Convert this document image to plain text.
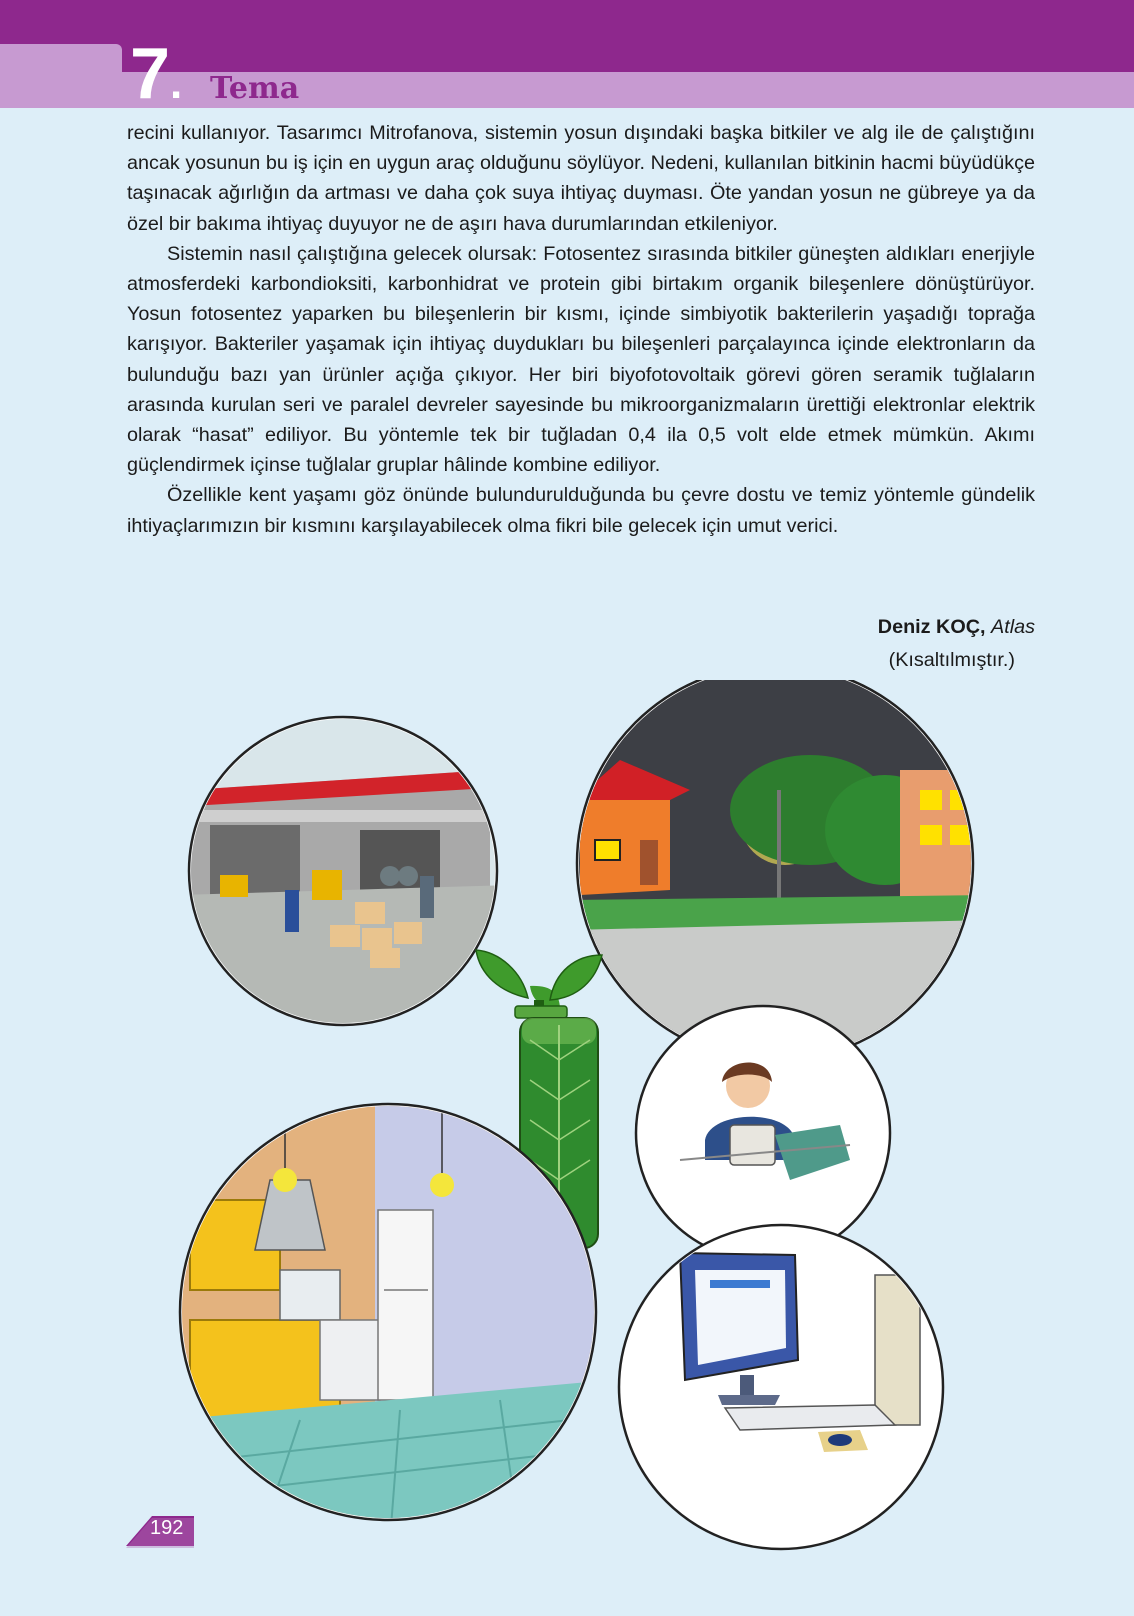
7. Tema

recini kullanıyor. Tasarımcı Mitrofanova, sistemin yosun dışındaki başka bitkiler ve alg ile de çalıştığını ancak yosunun bu iş için en uygun araç olduğunu söylüyor. Nedeni, kullanılan bitkinin hacmi büyüdükçe taşınacak ağırlığın da artması ve daha çok suya ihtiyaç duyması. Öte yandan yosun ne gübreye ya da özel bir bakıma ihtiyaç duyuyor ne de aşırı hava durumlarından etkileniyor.

Sistemin nasıl çalıştığına gelecek olursak: Fotosentez sırasında bitkiler güneşten aldıkları enerjiyle atmosferdeki karbondioksiti, karbonhidrat ve protein gibi birtakım organik bileşenlere dönüştürüyor. Yosun fotosentez yaparken bu bileşenlerin bir kısmı, içinde simbiyotik bakterilerin yaşadığı toprağa karışıyor. Bakteriler yaşamak için ihtiyaç duydukları bu bileşenleri parçalayınca içinde elektronların da bulunduğu bazı yan ürünler açığa çıkıyor. Her biri biyofotovoltaik görevi gören seramik tuğlaların arasında kurulan seri ve paralel devreler sayesinde bu mikroorganizmaların ürettiği elektronlar elektrik olarak “hasat” ediliyor. Bu yöntemle tek bir tuğladan 0,4 ila 0,5 volt elde etmek mümkün. Akımı güçlendirmek içinse tuğlalar gruplar hâlinde kombine ediliyor.

Özellikle kent yaşamı göz önünde bulundurulduğunda bu çevre dostu ve temiz yöntemle gündelik ihtiyaçlarımızın bir kısmını karşılayabilecek olma fikri bile gelecek için umut verici.

Deniz KOÇ, Atlas
(Kısaltılmıştır.)
192
